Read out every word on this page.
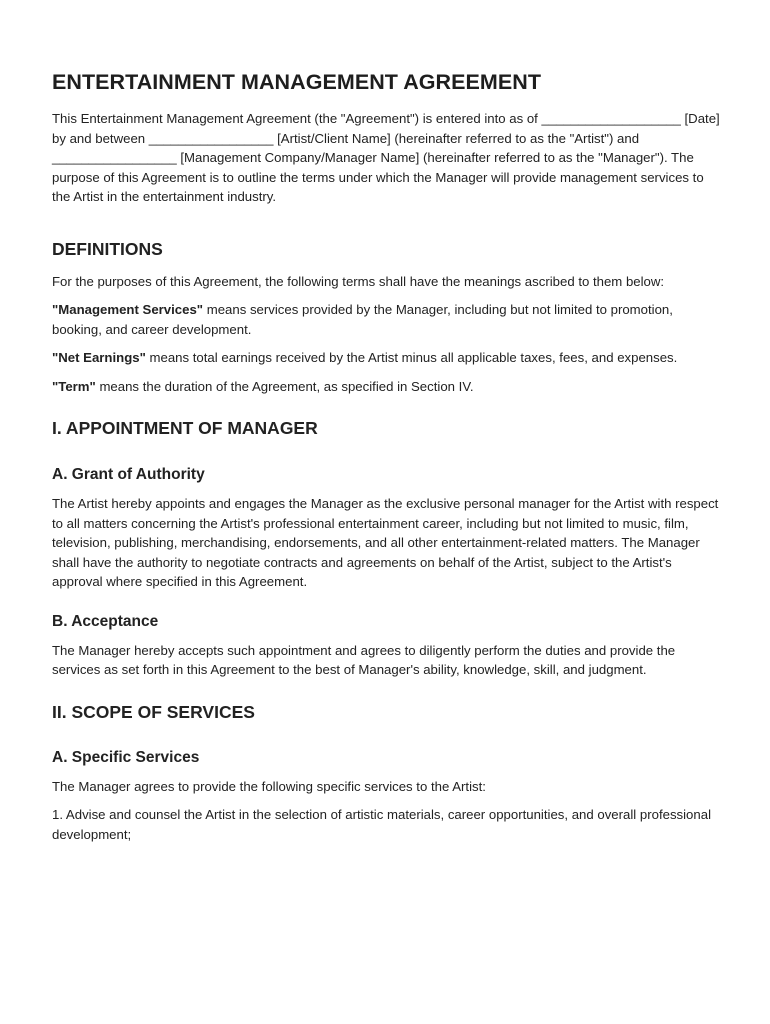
ENTERTAINMENT MANAGEMENT AGREEMENT

This Entertainment Management Agreement (the "Agreement") is entered into as of ___________________ [Date] by and between _________________ [Artist/Client Name] (hereinafter referred to as the "Artist") and _________________ [Management Company/Manager Name] (hereinafter referred to as the "Manager"). The purpose of this Agreement is to outline the terms under which the Manager will provide management services to the Artist in the entertainment industry.

DEFINITIONS

For the purposes of this Agreement, the following terms shall have the meanings ascribed to them below:

"Management Services" means services provided by the Manager, including but not limited to promotion, booking, and career development.

"Net Earnings" means total earnings received by the Artist minus all applicable taxes, fees, and expenses.

"Term" means the duration of the Agreement, as specified in Section IV.

I. APPOINTMENT OF MANAGER
A. Grant of Authority

The Artist hereby appoints and engages the Manager as the exclusive personal manager for the Artist with respect to all matters concerning the Artist's professional entertainment career, including but not limited to music, film, television, publishing, merchandising, endorsements, and all other entertainment-related matters. The Manager shall have the authority to negotiate contracts and agreements on behalf of the Artist, subject to the Artist's approval where specified in this Agreement.

B. Acceptance

The Manager hereby accepts such appointment and agrees to diligently perform the duties and provide the services as set forth in this Agreement to the best of Manager's ability, knowledge, skill, and judgment.

II. SCOPE OF SERVICES
A. Specific Services

The Manager agrees to provide the following specific services to the Artist:

1. Advise and counsel the Artist in the selection of artistic materials, career opportunities, and overall professional development;
